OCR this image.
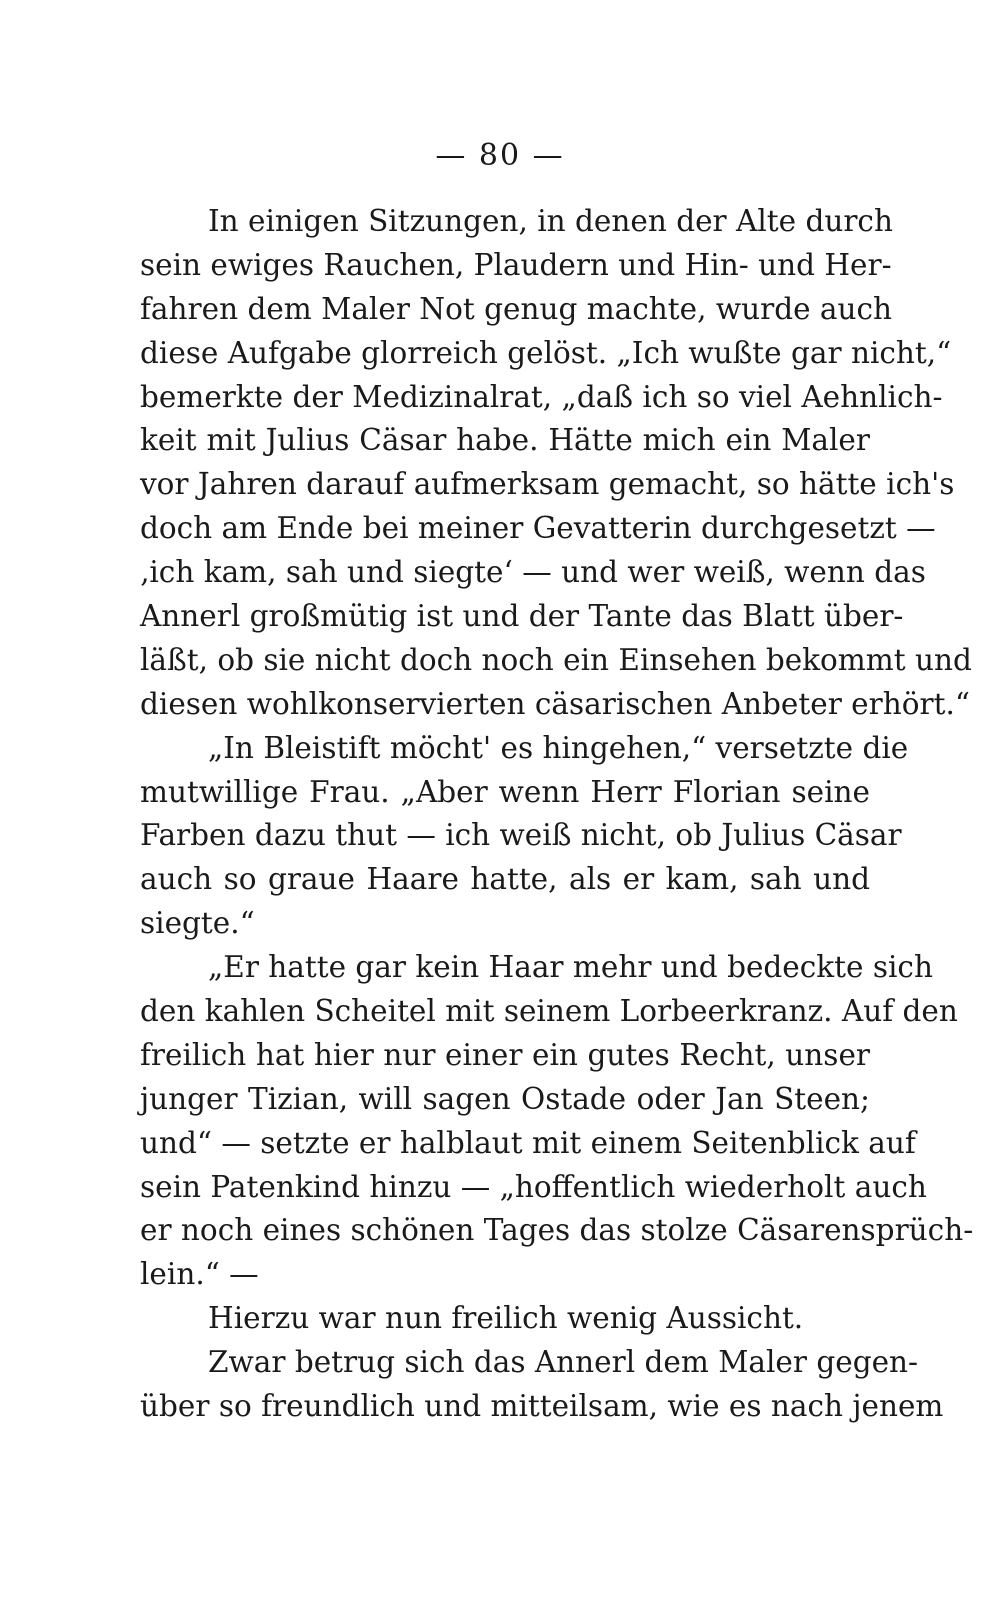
— 80 —
In einigen Sitzungen, in denen der Alte durch
sein ewiges Rauchen, Plaudern und Hin- und Her-
fahren dem Maler Not genug machte, wurde auch
diese Aufgabe glorreich gelöst. „Ich wußte gar nicht,“
bemerkte der Medizinalrat, „daß ich so viel Aehnlich-
keit mit Julius Cäsar habe. Hätte mich ein Maler
vor Jahren darauf aufmerksam gemacht, so hätte ich's
doch am Ende bei meiner Gevatterin durchgesetzt —
‚ich kam, sah und siegte‘ — und wer weiß, wenn das
Annerl großmütig ist und der Tante das Blatt über-
läßt, ob sie nicht doch noch ein Einsehen bekommt und
diesen wohlkonservierten cäsarischen Anbeter erhört.“
„In Bleistift möcht' es hingehen,“ versetzte die
mutwillige Frau. „Aber wenn Herr Florian seine
Farben dazu thut — ich weiß nicht, ob Julius Cäsar
auch so graue Haare hatte, als er kam, sah und
siegte.“
„Er hatte gar kein Haar mehr und bedeckte sich
den kahlen Scheitel mit seinem Lorbeerkranz. Auf den
freilich hat hier nur einer ein gutes Recht, unser
junger Tizian, will sagen Ostade oder Jan Steen;
und“ — setzte er halblaut mit einem Seitenblick auf
sein Patenkind hinzu — „hoffentlich wiederholt auch
er noch eines schönen Tages das stolze Cäsarensprüch-
lein.“ —
Hierzu war nun freilich wenig Aussicht.
Zwar betrug sich das Annerl dem Maler gegen-
über so freundlich und mitteilsam, wie es nach jenem
